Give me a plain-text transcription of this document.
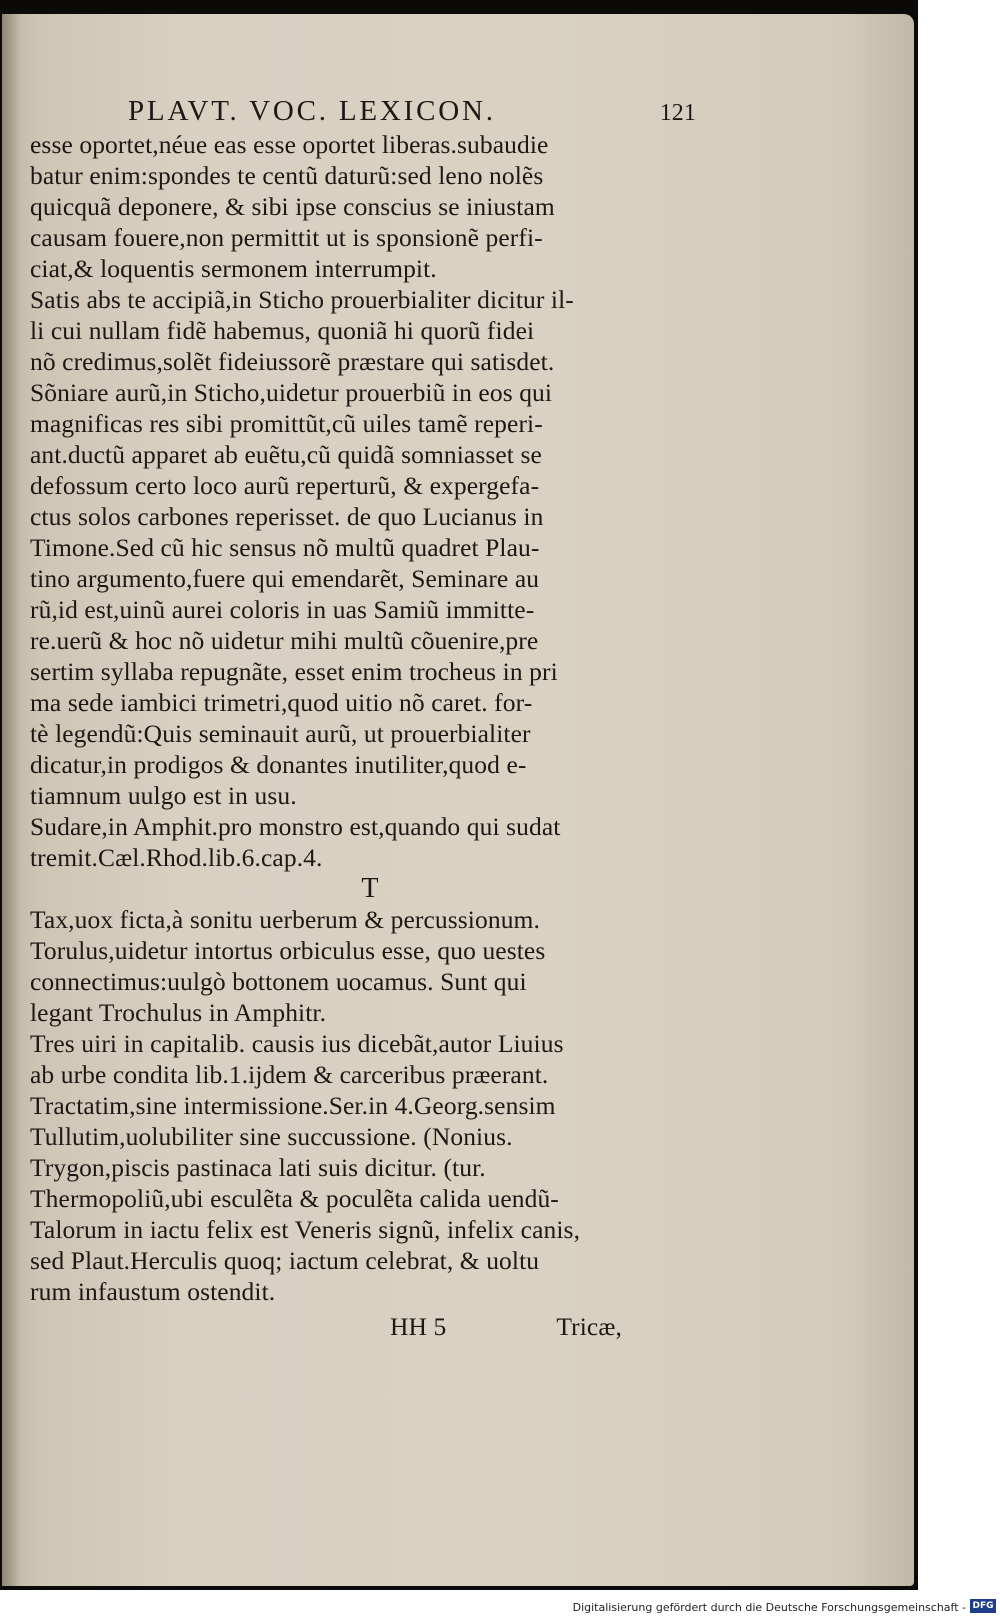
PLAVT. VOC. LEXICON.	121
esse oportet,néue eas esse oportet liberas.subaudie
batur enim:spondes te centũ daturũ:sed leno nolẽs
quicquã deponere, & sibi ipse conscius se iniustam
causam fouere,non permittit ut is sponsionẽ perfi-
ciat,& loquentis sermonem interrumpit.
Satis abs te accipiã,in Sticho prouerbialiter dicitur il-
li cui nullam fidẽ habemus, quoniã hi quorũ fidei
nõ credimus,solẽt fideiussorẽ præstare qui satisdet.
Sõniare aurũ,in Sticho,uidetur prouerbiũ in eos qui
magnificas res sibi promittũt,cũ uiles tamẽ reperi-
ant.ductũ apparet ab euẽtu,cũ quidã somniasset se
defossum certo loco aurũ reperturũ, & expergefa-
ctus solos carbones reperisset. de quo Lucianus in
Timone.Sed cũ hic sensus nõ multũ quadret Plau-
tino argumento,fuere qui emendarẽt, Seminare au
rũ,id est,uinũ aurei coloris in uas Samiũ immitte-
re.uerũ & hoc nõ uidetur mihi multũ cõuenire,pre
sertim syllaba repugnãte, esset enim trocheus in pri
ma sede iambici trimetri,quod uitio nõ caret. for-
tè legendũ:Quis seminauit aurũ, ut prouerbialiter
dicatur,in prodigos & donantes inutiliter,quod e-
tiamnum uulgo est in usu.
Sudare,in Amphit.pro monstro est,quando qui sudat
tremit.Cæl.Rhod.lib.6.cap.4.
T
Tax,uox ficta,à sonitu uerberum & percussionum.
Torulus,uidetur intortus orbiculus esse, quo uestes
connectimus:uulgò bottonem uocamus. Sunt qui
legant Trochulus in Amphitr.
Tres uiri in capitalib. causis ius dicebãt,autor Liuius
ab urbe condita lib.1.ijdem & carceribus præerant.
Tractatim,sine intermissione.Ser.in 4.Georg.sensim
Tullutim,uolubiliter sine succussione. (Nonius.
Trygon,piscis pastinaca lati suis dicitur. (tur.
Thermopoliũ,ubi esculẽta & poculẽta calida uendũ-
Talorum in iactu felix est Veneris signũ, infelix canis,
sed Plaut.Herculis quoq; iactum celebrat, & uoltu
rum infaustum ostendit.
HH 5	Tricæ,
Digitalisierung gefördert durch die Deutsche Forschungsgemeinschaft - DFG
